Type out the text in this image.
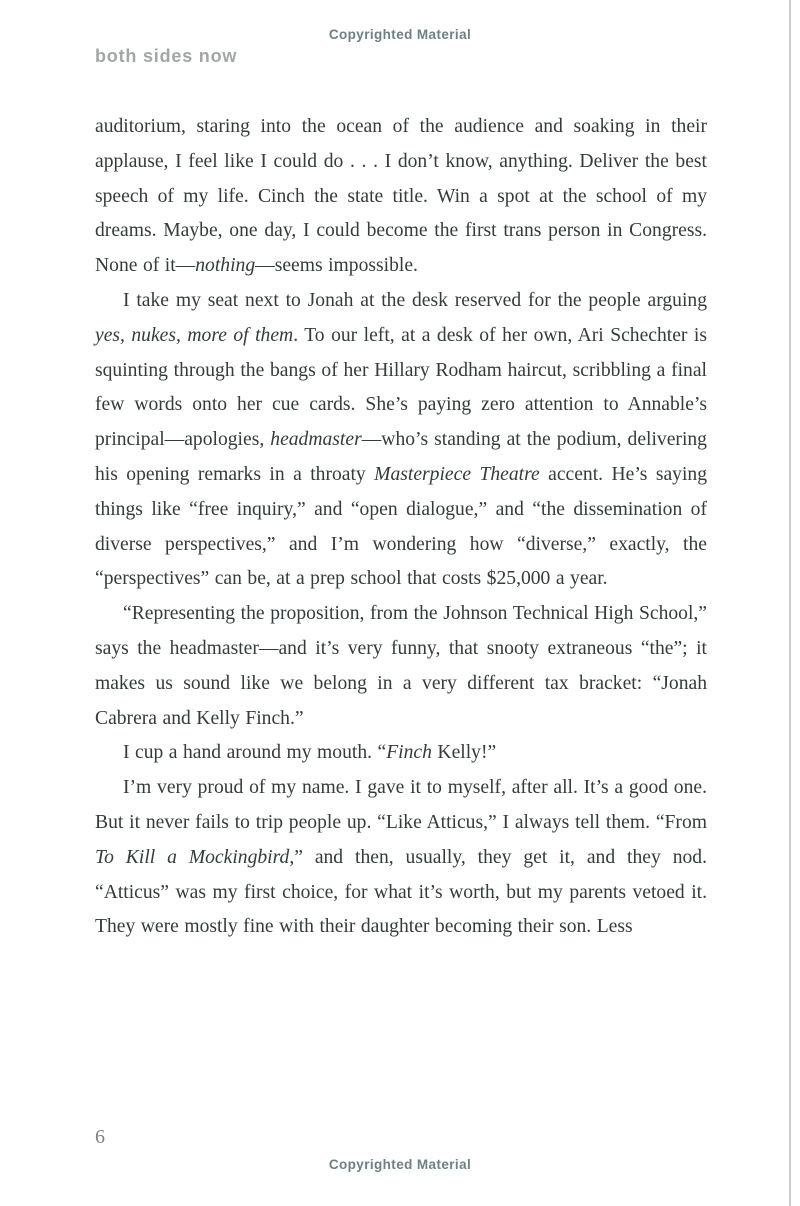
Copyrighted Material
both sides now

auditorium, staring into the ocean of the audience and soaking in their applause, I feel like I could do . . . I don’t know, anything. Deliver the best speech of my life. Cinch the state title. Win a spot at the school of my dreams. Maybe, one day, I could become the first trans person in Congress. None of it—nothing—seems impossible.

I take my seat next to Jonah at the desk reserved for the people arguing yes, nukes, more of them. To our left, at a desk of her own, Ari Schechter is squinting through the bangs of her Hillary Rodham haircut, scribbling a final few words onto her cue cards. She’s paying zero attention to Annable’s principal—apologies, headmaster—who’s standing at the podium, delivering his opening remarks in a throaty Masterpiece Theatre accent. He’s saying things like “free inquiry,” and “open dialogue,” and “the dissemination of diverse perspectives,” and I’m wondering how “diverse,” exactly, the “perspectives” can be, at a prep school that costs $25,000 a year.

“Representing the proposition, from the Johnson Technical High School,” says the headmaster—and it’s very funny, that snooty extraneous “the”; it makes us sound like we belong in a very different tax bracket: “Jonah Cabrera and Kelly Finch.”

I cup a hand around my mouth. “Finch Kelly!”

I’m very proud of my name. I gave it to myself, after all. It’s a good one. But it never fails to trip people up. “Like Atticus,” I always tell them. “From To Kill a Mockingbird,” and then, usually, they get it, and they nod. “Atticus” was my first choice, for what it’s worth, but my parents vetoed it. They were mostly fine with their daughter becoming their son. Less

6
Copyrighted Material
